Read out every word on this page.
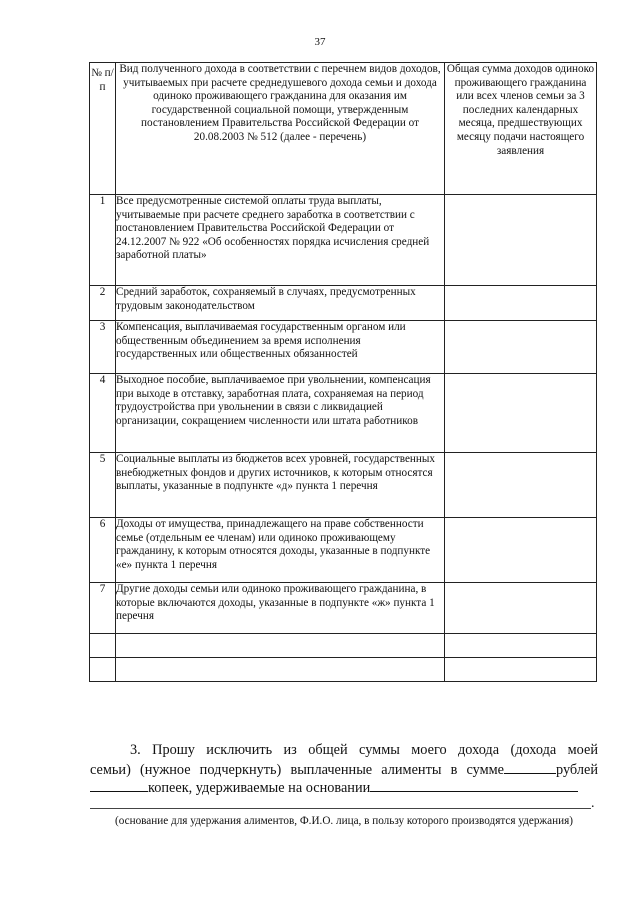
37
№ п/п	Вид полученного дохода в соответствии с перечнем видов доходов, учитываемых при расчете среднедушевого дохода семьи и дохода одиноко проживающего гражданина для оказания им государственной социальной помощи, утвержденным постановлением Правительства Российской Федерации от 20.08.2003 № 512 (далее - перечень)	Общая сумма доходов одиноко проживающего гражданина или всех членов семьи за 3 последних календарных месяца, предшествующих месяцу подачи настоящего заявления
1	Все предусмотренные системой оплаты труда выплаты, учитываемые при расчете среднего заработка в соответствии с постановлением Правительства Российской Федерации от 24.12.2007 № 922 «Об особенностях порядка исчисления средней заработной платы»	
2	Средний заработок, сохраняемый в случаях, предусмотренных трудовым законодательством	
3	Компенсация, выплачиваемая государственным органом или общественным объединением за время исполнения государственных или общественных обязанностей	
4	Выходное пособие, выплачиваемое при увольнении, компенсация при выходе в отставку, заработная плата, сохраняемая на период трудоустройства при увольнении в связи с ликвидацией организации, сокращением численности или штата работников	
5	Социальные выплаты из бюджетов всех уровней, государственных внебюджетных фондов и других источников, к которым относятся выплаты, указанные в подпункте «д» пункта 1 перечня	
6	Доходы от имущества, принадлежащего на праве собственности семье (отдельным ее членам) или одиноко проживающему гражданину, к которым относятся доходы, указанные в подпункте «е» пункта 1 перечня	
7	Другие доходы семьи или одиноко проживающего гражданина, в которые включаются доходы, указанные в подпункте «ж» пункта 1 перечня	

3. Прошу исключить из общей суммы моего дохода (дохода моей
семьи) (нужное подчеркнуть) выплаченные алименты в сумме	рублей
копеек, удерживаемые на основании
.
(основание для удержания алиментов, Ф.И.О. лица, в пользу которого производятся удержания)
